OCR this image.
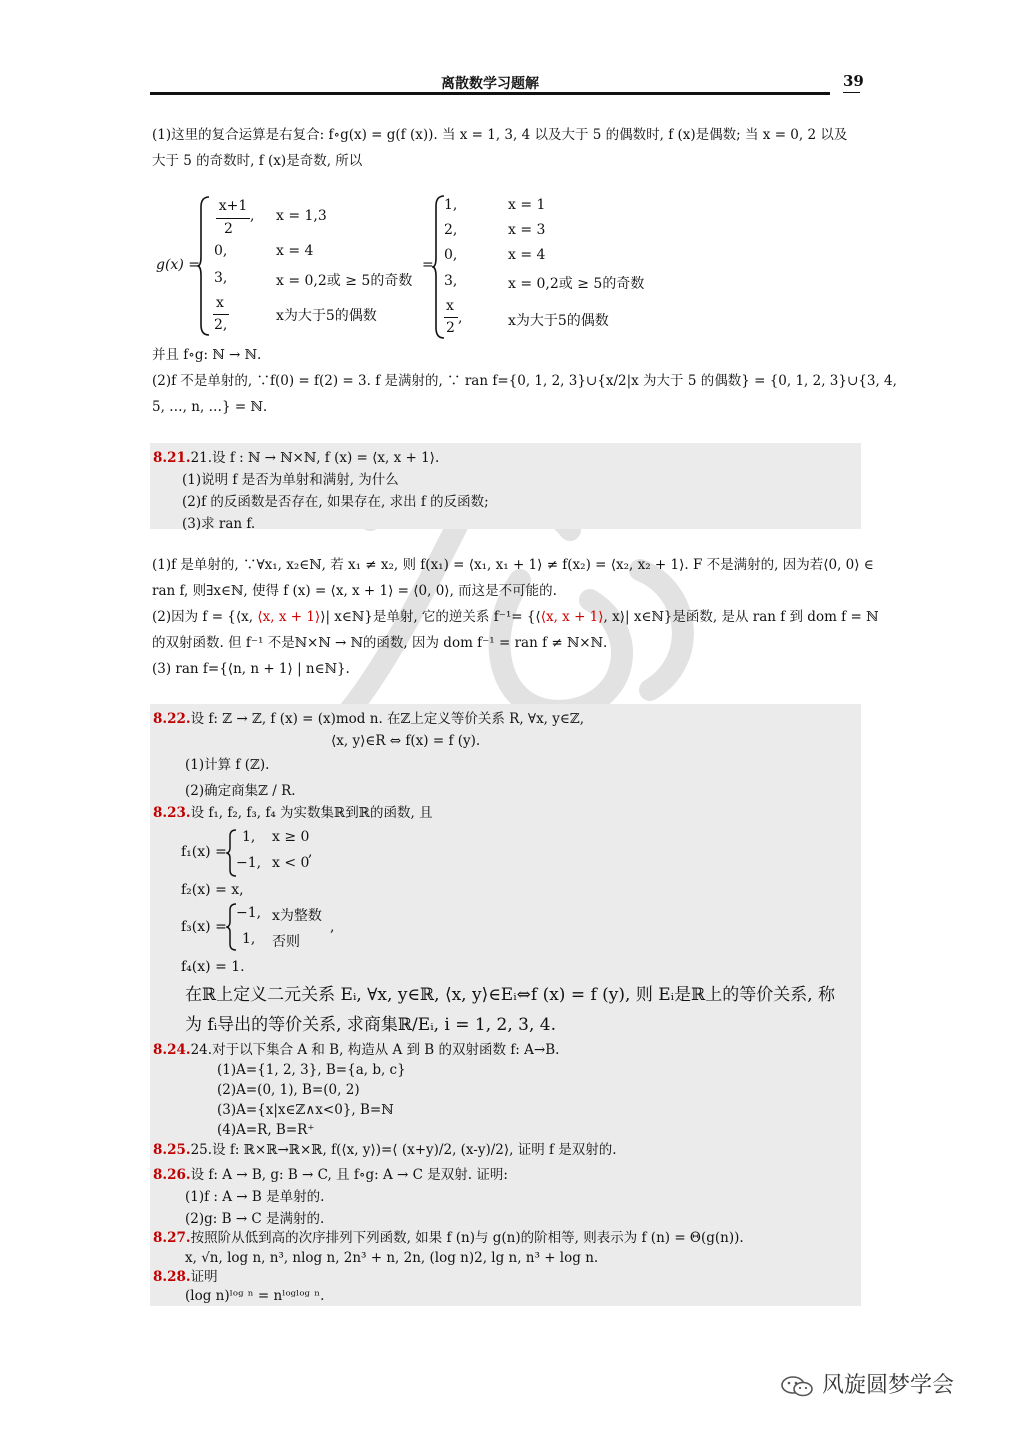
离散数学习题解	39
(1)这里的复合运算是右复合: f∘g(x) = g(f (x)). 当 x = 1, 3, 4 以及大于 5 的偶数时, f (x)是偶数; 当 x = 0, 2 以及
大于 5 的奇数时, f (x)是奇数, 所以
g(x) =
x+1
2
, x = 1,3
0,	x = 4
3,	x = 0,2或 ≥ 5的奇数
x
2,
x为大于5的偶数
=
1,	x = 1
2,	x = 3
0,	x = 4
3,	x = 0,2或 ≥ 5的奇数
x
2
,	x为大于5的偶数
并且 f∘g: ℕ → ℕ.
(2)f 不是单射的, ∵f(0) = f(2) = 3. f 是满射的, ∵ ran f={0, 1, 2, 3}∪{x/2|x 为大于 5 的偶数} = {0, 1, 2, 3}∪{3, 4,
5, …, n, …} = ℕ.
8.21.21.设 f : ℕ → ℕ×ℕ, f (x) = ⟨x, x + 1⟩.
(1)说明 f 是否为单射和满射, 为什么
(2)f 的反函数是否存在, 如果存在, 求出 f 的反函数;
(3)求 ran f.
(1)f 是单射的, ∵∀x₁, x₂∈ℕ, 若 x₁ ≠ x₂, 则 f(x₁) = ⟨x₁, x₁ + 1⟩ ≠ f(x₂) = ⟨x₂, x₂ + 1⟩. F 不是满射的, 因为若⟨0, 0⟩ ∈
ran f, 则∃x∈ℕ, 使得 f (x) = ⟨x, x + 1⟩ = ⟨0, 0⟩, 而这是不可能的.
(2)因为 f = {⟨x, ⟨x, x + 1⟩⟩| x∈ℕ}是单射, 它的逆关系 f⁻¹= {⟨⟨x, x + 1⟩, x⟩| x∈ℕ}是函数, 是从 ran f 到 dom f = ℕ
的双射函数. 但 f⁻¹ 不是ℕ×ℕ → ℕ的函数, 因为 dom f⁻¹ = ran f ≠ ℕ×ℕ.
(3) ran f={⟨n, n + 1⟩ | n∈ℕ}.
8.22.设 f: ℤ → ℤ, f (x) = (x)mod n. 在ℤ上定义等价关系 R, ∀x, y∈ℤ,
⟨x, y⟩∈R ⇔ f(x) = f (y).
(1)计算 f (ℤ).
(2)确定商集ℤ / R.
8.23.设 f₁, f₂, f₃, f₄ 为实数集ℝ到ℝ的函数, 且
f₁(x) =
1, x ≥ 0
−1, x < 0
,
f₂(x) = x,
f₃(x) =
−1, x为整数
1, 否则
,
f₄(x) = 1.
在ℝ上定义二元关系 Eᵢ, ∀x, y∈ℝ, ⟨x, y⟩∈Eᵢ⇔f (x) = f (y), 则 Eᵢ是ℝ上的等价关系, 称
为 fᵢ导出的等价关系, 求商集ℝ/Eᵢ, i = 1, 2, 3, 4.
8.24.24.对于以下集合 A 和 B, 构造从 A 到 B 的双射函数 f: A→B.
(1)A={1, 2, 3}, B={a, b, c}
(2)A=(0, 1), B=(0, 2)
(3)A={x|x∈ℤ∧x<0}, B=ℕ
(4)A=R, B=R⁺
8.25.25.设 f: ℝ×ℝ→ℝ×ℝ, f(⟨x, y⟩)=⟨ (x+y)/2, (x-y)/2⟩, 证明 f 是双射的.
8.26.设 f: A → B, g: B → C, 且 f∘g: A → C 是双射. 证明:
(1)f : A → B 是单射的.
(2)g: B → C 是满射的.
8.27.按照阶从低到高的次序排列下列函数, 如果 f (n)与 g(n)的阶相等, 则表示为 f (n) = Θ(g(n)).
x, √n, log n, n³, nlog n, 2n³ + n, 2n, (log n)2, lg n, n³ + log n.
8.28.证明
(log n)ˡᵒᵍ ⁿ = nˡᵒᵍˡᵒᵍ ⁿ.
风旋圆梦学会
